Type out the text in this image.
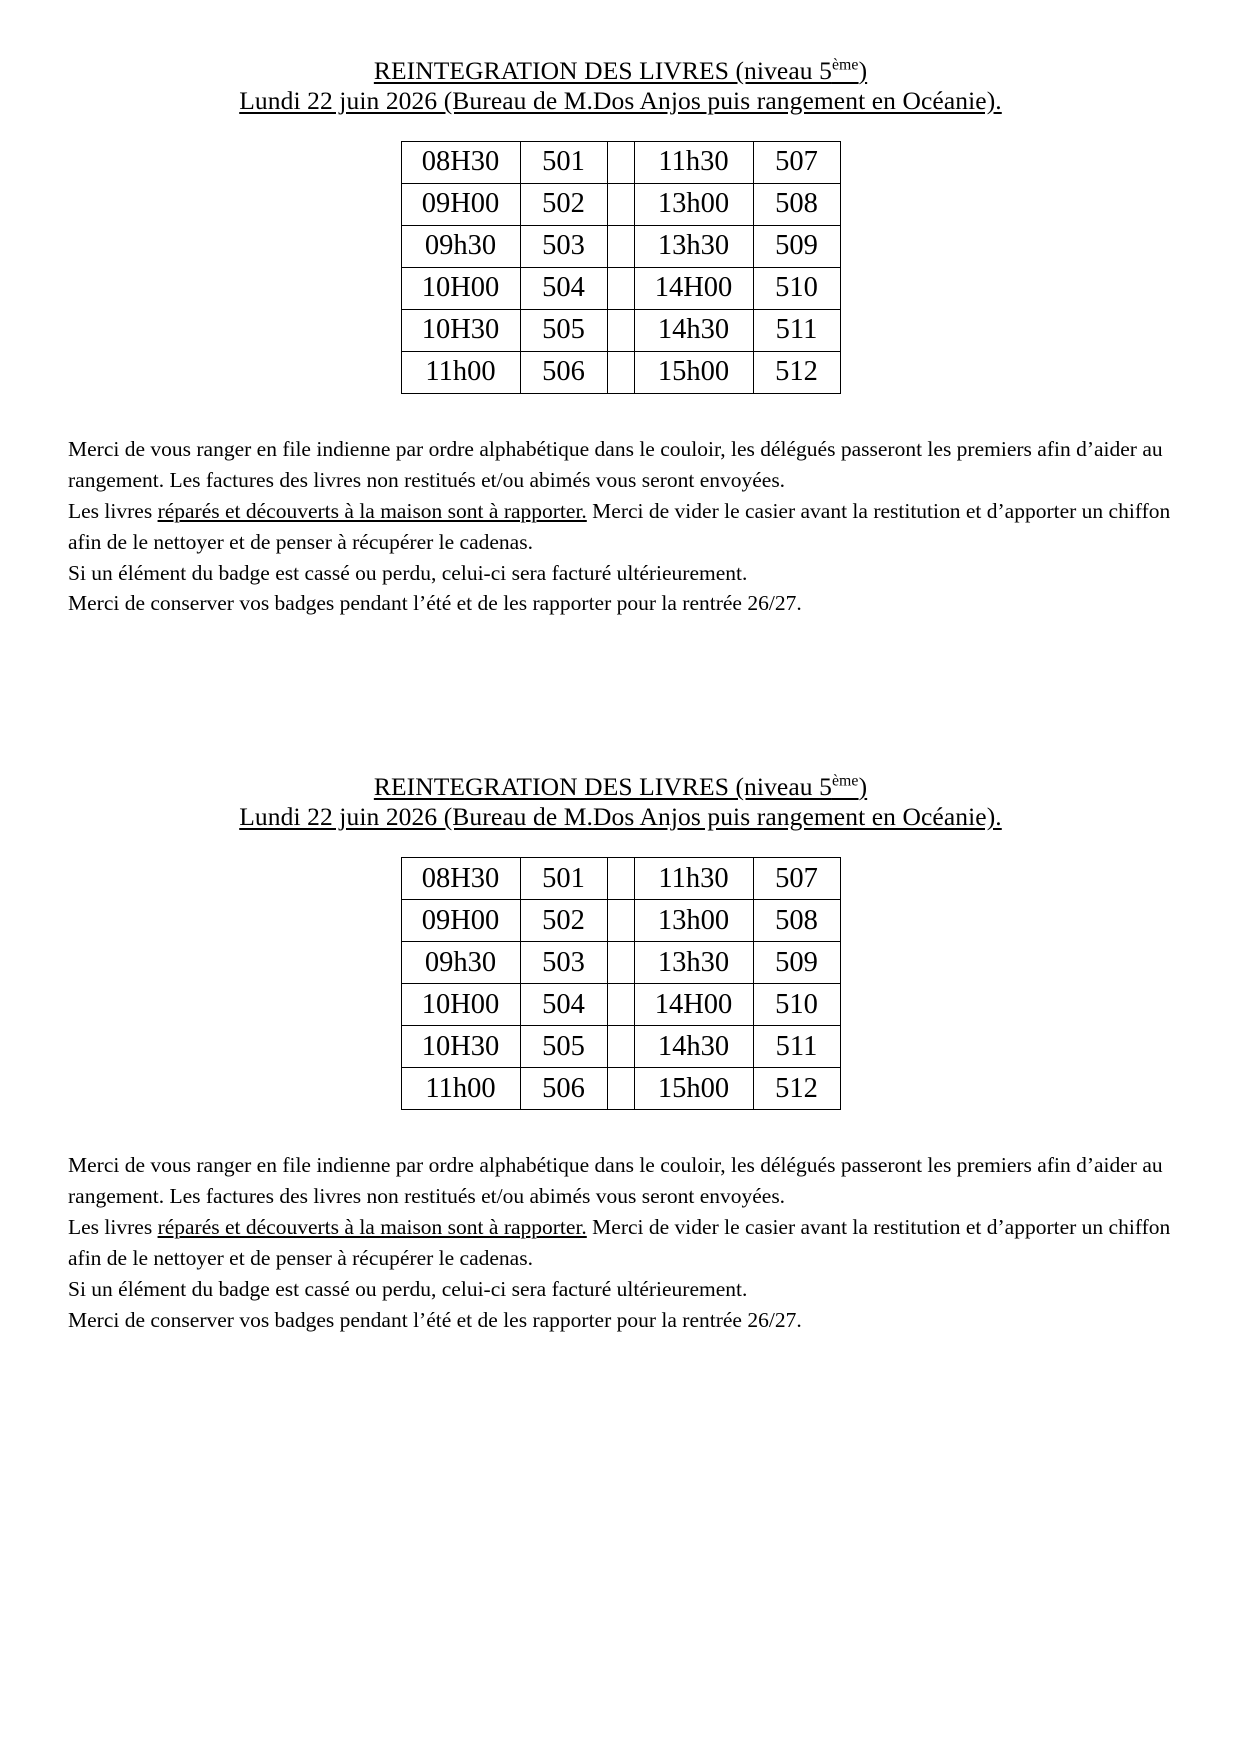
REINTEGRATION DES LIVRES (niveau 5ème)
Lundi 22 juin 2026 (Bureau de M.Dos Anjos puis rangement en Océanie).
08H30	501		11h30	507
09H00	502		13h00	508
09h30	503		13h30	509
10H00	504		14H00	510
10H30	505		14h30	511
11h00	506		15h00	512

Merci de vous ranger en file indienne par ordre alphabétique dans le couloir, les délégués passeront les premiers afin d’aider au rangement. Les factures des livres non restitués et/ou abimés vous seront envoyées.

Les livres réparés et découverts à la maison sont à rapporter. Merci de vider le casier avant la restitution et d’apporter un chiffon afin de le nettoyer et de penser à récupérer le cadenas.

Si un élément du badge est cassé ou perdu, celui-ci sera facturé ultérieurement.

Merci de conserver vos badges pendant l’été et de les rapporter pour la rentrée 26/27.

REINTEGRATION DES LIVRES (niveau 5ème)
Lundi 22 juin 2026 (Bureau de M.Dos Anjos puis rangement en Océanie).
08H30	501		11h30	507
09H00	502		13h00	508
09h30	503		13h30	509
10H00	504		14H00	510
10H30	505		14h30	511
11h00	506		15h00	512

Merci de vous ranger en file indienne par ordre alphabétique dans le couloir, les délégués passeront les premiers afin d’aider au rangement. Les factures des livres non restitués et/ou abimés vous seront envoyées.

Les livres réparés et découverts à la maison sont à rapporter. Merci de vider le casier avant la restitution et d’apporter un chiffon afin de le nettoyer et de penser à récupérer le cadenas.

Si un élément du badge est cassé ou perdu, celui-ci sera facturé ultérieurement.

Merci de conserver vos badges pendant l’été et de les rapporter pour la rentrée 26/27.
